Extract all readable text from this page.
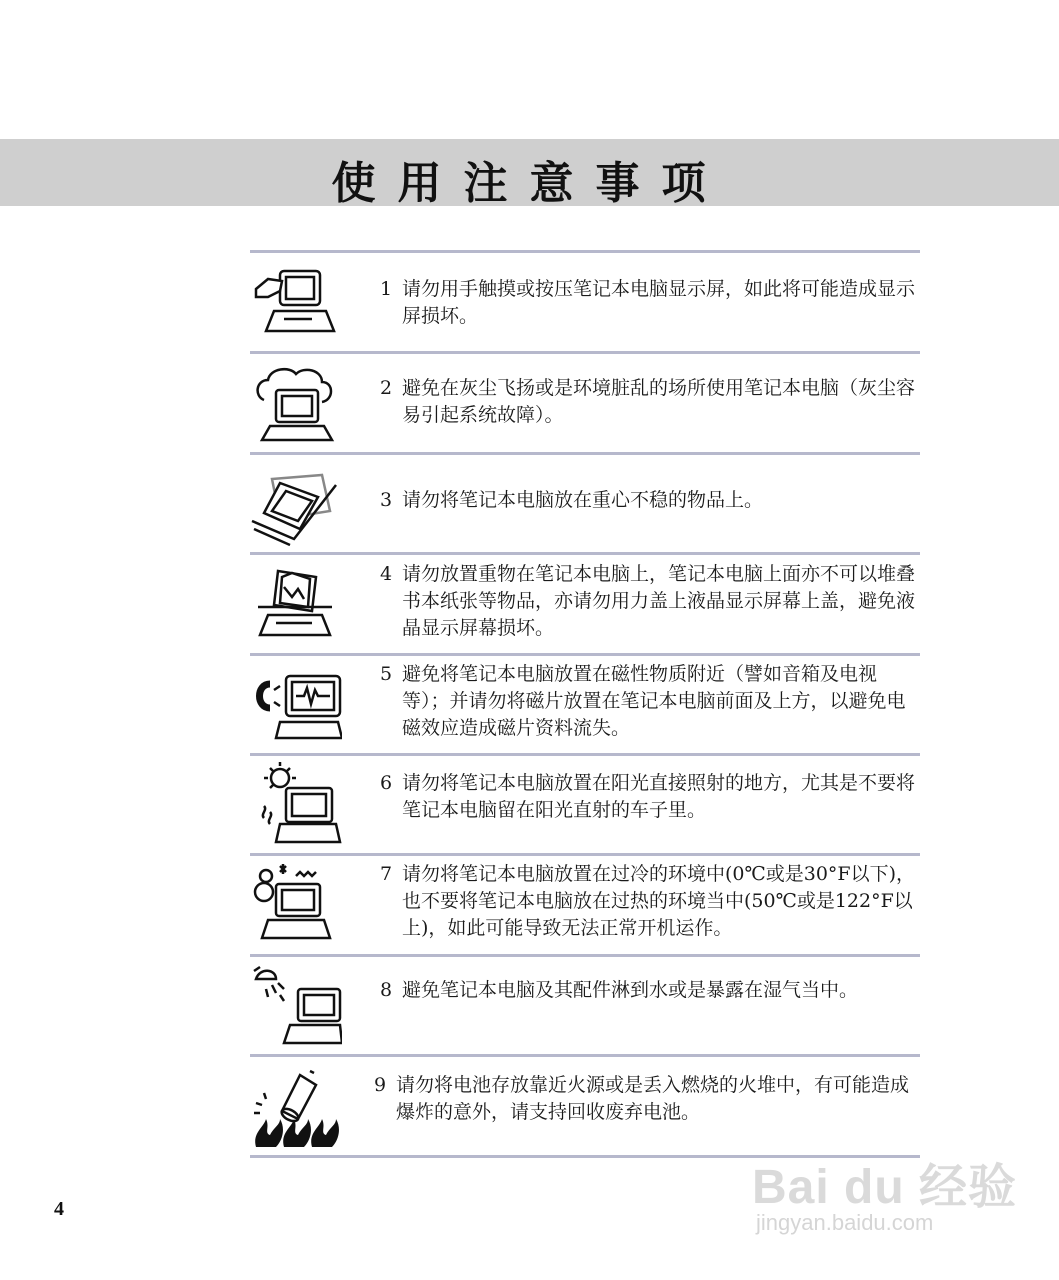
使用注意事项
1 请勿用手触摸或按压笔记本电脑显示屏，如此将可能造成显示屏损坏。
2 避免在灰尘飞扬或是环境脏乱的场所使用笔记本电脑（灰尘容易引起系统故障）。
3 请勿将笔记本电脑放在重心不稳的物品上。
4 请勿放置重物在笔记本电脑上，笔记本电脑上面亦不可以堆叠书本纸张等物品，亦请勿用力盖上液晶显示屏幕上盖，避免液晶显示屏幕损坏。
5 避免将笔记本电脑放置在磁性物质附近（譬如音箱及电视等）；并请勿将磁片放置在笔记本电脑前面及上方，以避免电磁效应造成磁片资料流失。
6 请勿将笔记本电脑放置在阳光直接照射的地方，尤其是不要将笔记本电脑留在阳光直射的车子里。
7 请勿将笔记本电脑放置在过冷的环境中(0℃或是30°F以下)，也不要将笔记本电脑放在过热的环境当中(50℃或是122°F以上)，如此可能导致无法正常开机运作。
8 避免笔记本电脑及其配件淋到水或是暴露在湿气当中。
9 请勿将电池存放靠近火源或是丢入燃烧的火堆中，有可能造成爆炸的意外，请支持回收废弃电池。
4	Bai du 经验
jingyan.baidu.com
